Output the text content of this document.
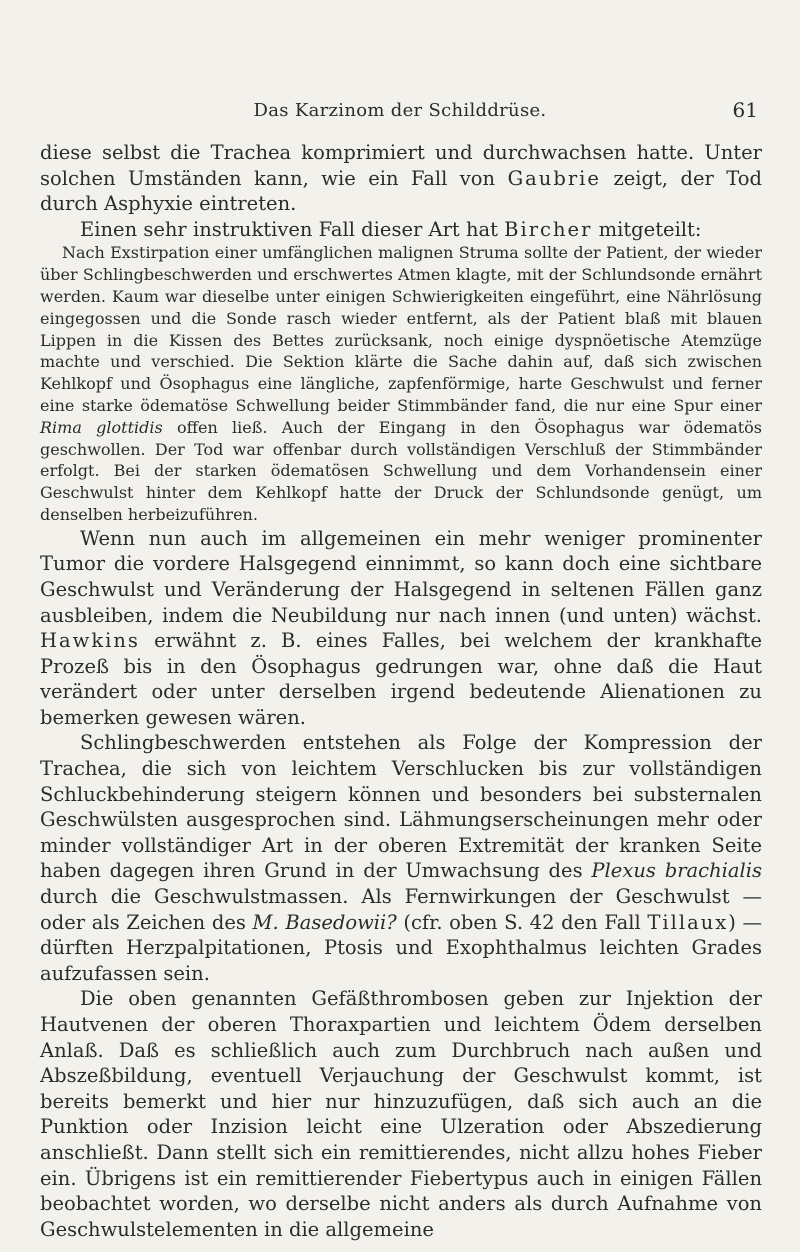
Das Karzinom der Schilddrüse.	61

diese selbst die Trachea komprimiert und durchwachsen hatte. Unter solchen Umständen kann, wie ein Fall von Gaubrie zeigt, der Tod durch Asphyxie eintreten.

Einen sehr instruktiven Fall dieser Art hat Bircher mitgeteilt:

Nach Exstirpation einer umfänglichen malignen Struma sollte der Patient, der wieder über Schlingbeschwerden und erschwertes Atmen klagte, mit der Schlundsonde ernährt werden. Kaum war dieselbe unter einigen Schwierigkeiten eingeführt, eine Nährlösung eingegossen und die Sonde rasch wieder entfernt, als der Patient blaß mit blauen Lippen in die Kissen des Bettes zurücksank, noch einige dyspnöetische Atemzüge machte und verschied. Die Sektion klärte die Sache dahin auf, daß sich zwischen Kehlkopf und Ösophagus eine längliche, zapfenförmige, harte Geschwulst und ferner eine starke ödematöse Schwellung beider Stimmbänder fand, die nur eine Spur einer Rima glottidis offen ließ. Auch der Eingang in den Ösophagus war ödematös geschwollen. Der Tod war offenbar durch vollständigen Verschluß der Stimmbänder erfolgt. Bei der starken ödematösen Schwellung und dem Vorhandensein einer Geschwulst hinter dem Kehlkopf hatte der Druck der Schlundsonde genügt, um denselben herbeizuführen.

Wenn nun auch im allgemeinen ein mehr weniger prominenter Tumor die vordere Halsgegend einnimmt, so kann doch eine sichtbare Geschwulst und Veränderung der Halsgegend in seltenen Fällen ganz ausbleiben, indem die Neubildung nur nach innen (und unten) wächst. Hawkins erwähnt z. B. eines Falles, bei welchem der krankhafte Prozeß bis in den Ösophagus gedrungen war, ohne daß die Haut verändert oder unter derselben irgend bedeutende Alienationen zu bemerken gewesen wären.

Schlingbeschwerden entstehen als Folge der Kompression der Trachea, die sich von leichtem Verschlucken bis zur vollständigen Schluckbehinderung steigern können und besonders bei substernalen Geschwülsten ausgesprochen sind. Lähmungserscheinungen mehr oder minder vollständiger Art in der oberen Extremität der kranken Seite haben dagegen ihren Grund in der Umwachsung des Plexus brachialis durch die Geschwulstmassen. Als Fernwirkungen der Geschwulst — oder als Zeichen des M. Basedowii? (cfr. oben S. 42 den Fall Tillaux) — dürften Herzpalpitationen, Ptosis und Exophthalmus leichten Grades aufzufassen sein.

Die oben genannten Gefäßthrombosen geben zur Injektion der Hautvenen der oberen Thoraxpartien und leichtem Ödem derselben Anlaß. Daß es schließlich auch zum Durchbruch nach außen und Abszeßbildung, eventuell Verjauchung der Geschwulst kommt, ist bereits bemerkt und hier nur hinzuzufügen, daß sich auch an die Punktion oder Inzision leicht eine Ulzeration oder Abszedierung anschließt. Dann stellt sich ein remittierendes, nicht allzu hohes Fieber ein. Übrigens ist ein remittierender Fiebertypus auch in einigen Fällen beobachtet worden, wo derselbe nicht anders als durch Aufnahme von Geschwulstelementen in die allgemeine
